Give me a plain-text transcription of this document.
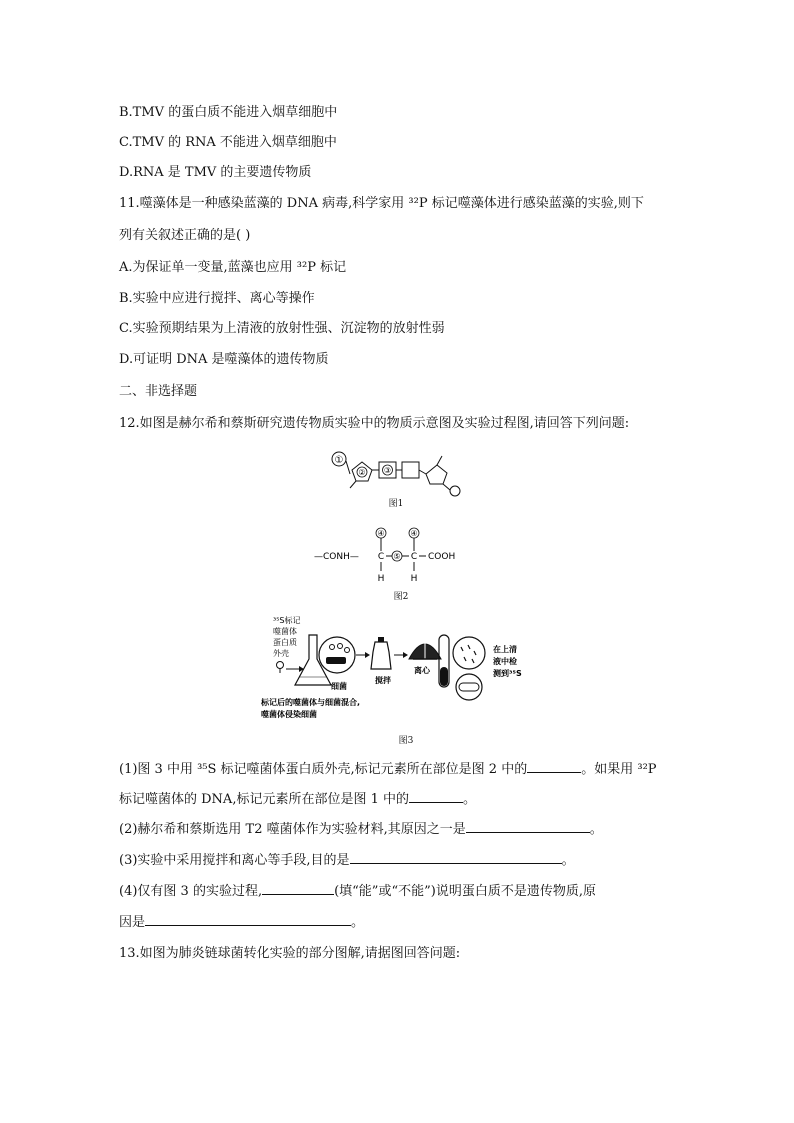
B.TMV 的蛋白质不能进入烟草细胞中
C.TMV 的 RNA 不能进入烟草细胞中
D.RNA 是 TMV 的主要遗传物质
11.噬藻体是一种感染蓝藻的 DNA 病毒,科学家用 ³²P 标记噬藻体进行感染蓝藻的实验,则下
列有关叙述正确的是( )
A.为保证单一变量,蓝藻也应用 ³²P 标记
B.实验中应进行搅拌、离心等操作
C.实验预期结果为上清液的放射性强、沉淀物的放射性弱
D.可证明 DNA 是噬藻体的遗传物质
二、非选择题
12.如图是赫尔希和蔡斯研究遗传物质实验中的物质示意图及实验过程图,请回答下列问题:
①
② ③
图1
④	④
—CONH— C ⑤ C COOH
H	H
图2
³⁵S标记
噬菌体
蛋白质
外壳
细菌
搅拌
离心
在上清
液中检
测到³⁵S
标记后的噬菌体与细菌混合,
噬菌体侵染细菌
图3
(1)图 3 中用 ³⁵S 标记噬菌体蛋白质外壳,标记元素所在部位是图 2 中的	。如果用 ³²P
标记噬菌体的 DNA,标记元素所在部位是图 1 中的	。
(2)赫尔希和蔡斯选用 T2 噬菌体作为实验材料,其原因之一是	。
(3)实验中采用搅拌和离心等手段,目的是	。
(4)仅有图 3 的实验过程,	(填“能”或“不能”)说明蛋白质不是遗传物质,原
因是	。
13.如图为肺炎链球菌转化实验的部分图解,请据图回答问题:
